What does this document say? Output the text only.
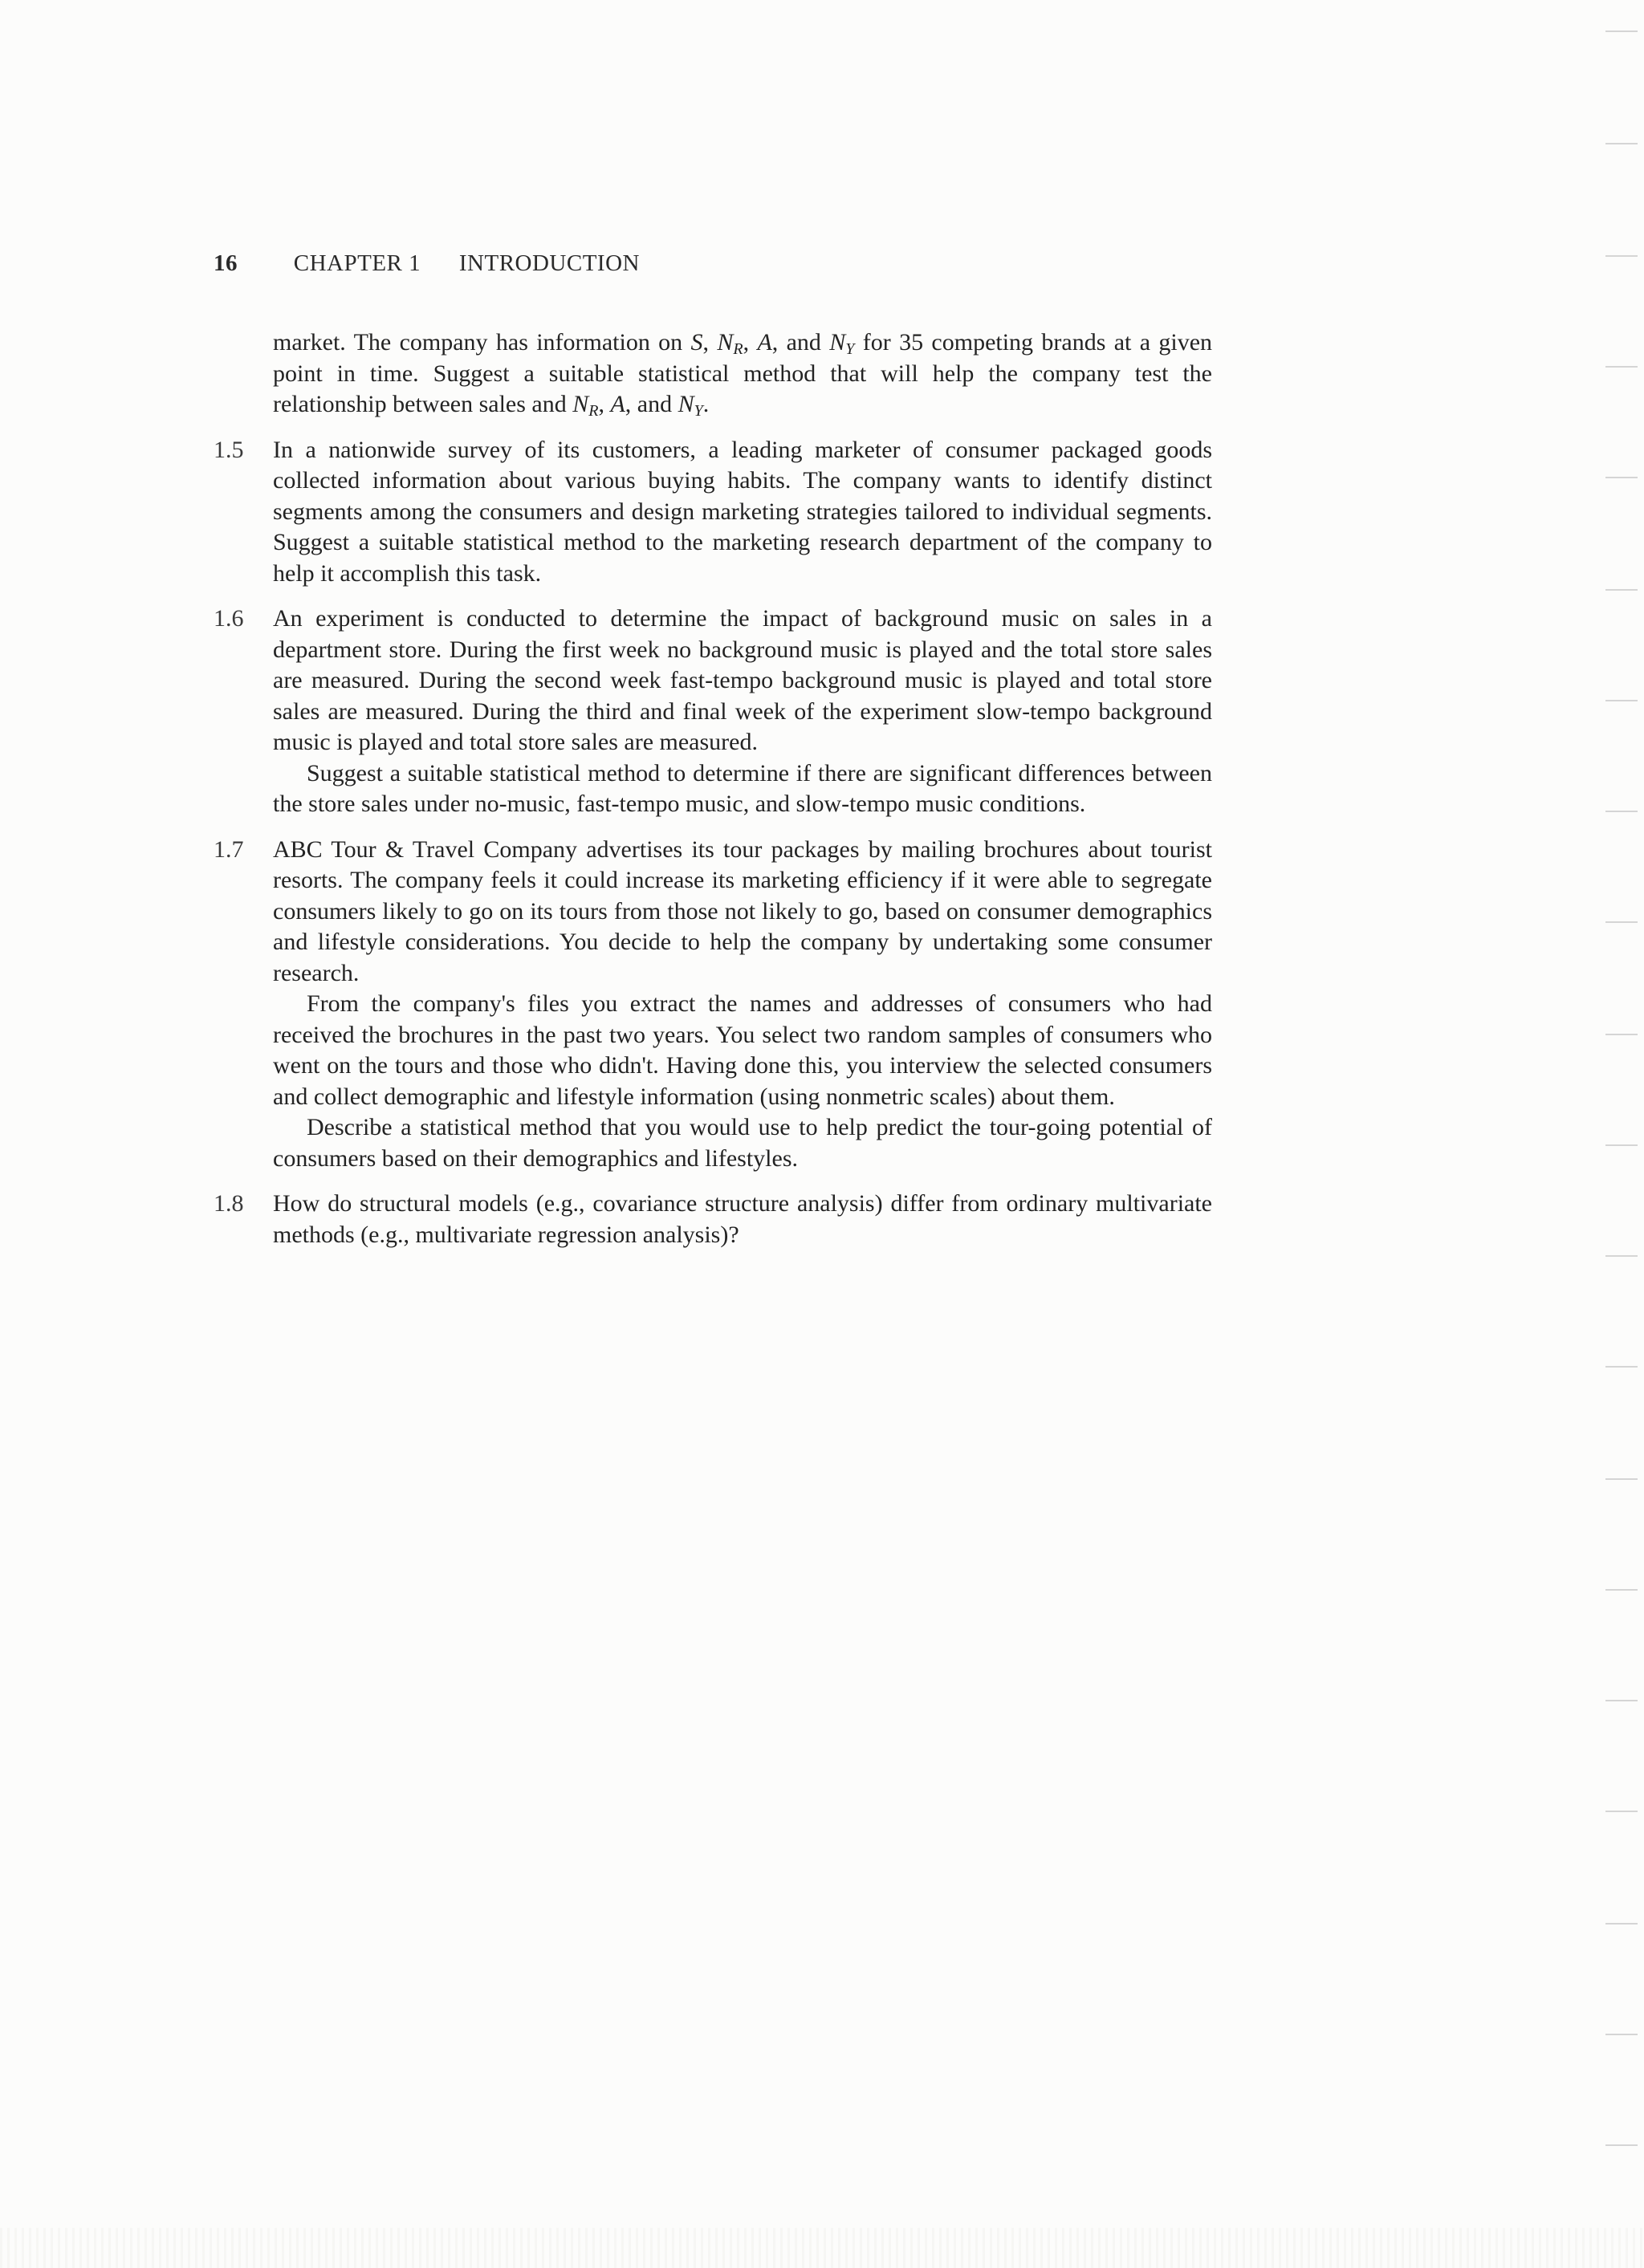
16 CHAPTER 1 INTRODUCTION

market. The company has information on S, $N_R$, A, and $N_Y$ for 35 competing brands at a given point in time. Suggest a suitable statistical method that will help the company test the relationship between sales and $N_R$, A, and $N_Y$.

1.5	In a nationwide survey of its customers, a leading marketer of consumer packaged goods collected information about various buying habits. The company wants to identify distinct segments among the consumers and design marketing strategies tailored to individual segments. Suggest a suitable statistical method to the marketing research department of the company to help it accomplish this task.

1.6	An experiment is conducted to determine the impact of background music on sales in a department store. During the first week no background music is played and the total store sales are measured. During the second week fast-tempo background music is played and total store sales are measured. During the third and final week of the experiment slow-tempo background music is played and total store sales are measured.

Suggest a suitable statistical method to determine if there are significant differences between the store sales under no-music, fast-tempo music, and slow-tempo music conditions.

1.7	ABC Tour & Travel Company advertises its tour packages by mailing brochures about tourist resorts. The company feels it could increase its marketing efficiency if it were able to segregate consumers likely to go on its tours from those not likely to go, based on consumer demographics and lifestyle considerations. You decide to help the company by undertaking some consumer research.

From the company's files you extract the names and addresses of consumers who had received the brochures in the past two years. You select two random samples of consumers who went on the tours and those who didn't. Having done this, you interview the selected consumers and collect demographic and lifestyle information (using nonmetric scales) about them.

Describe a statistical method that you would use to help predict the tour-going potential of consumers based on their demographics and lifestyles.

1.8	How do structural models (e.g., covariance structure analysis) differ from ordinary multivariate methods (e.g., multivariate regression analysis)?
